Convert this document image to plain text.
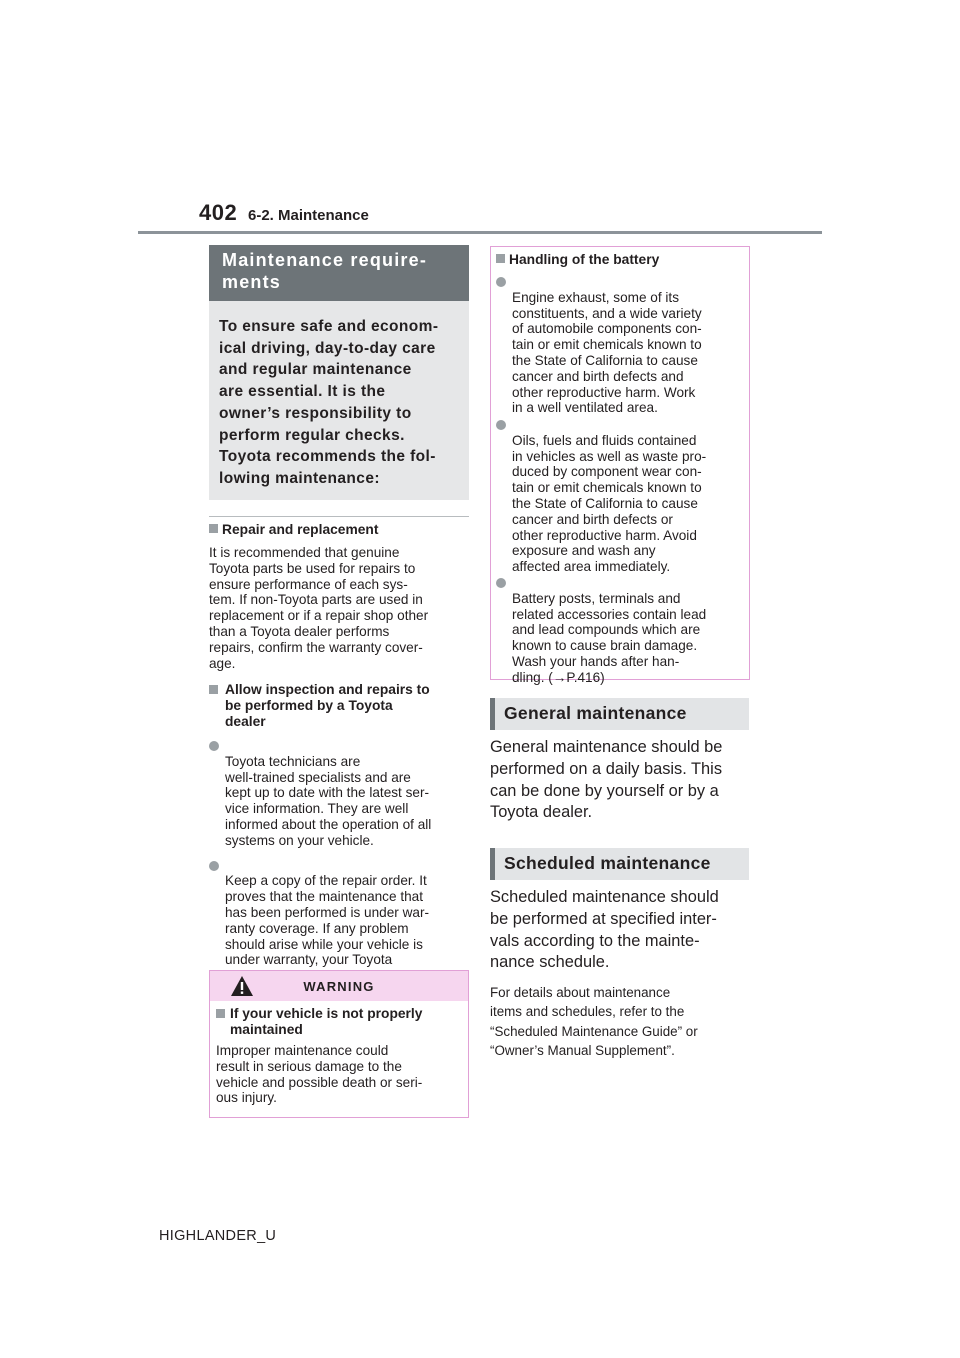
402 6-2. Maintenance
Maintenance require-
ments
To ensure safe and econom-
ical driving, day-to-day care
and regular maintenance
are essential. It is the
owner’s responsibility to
perform regular checks.
Toyota recommends the fol-
lowing maintenance:
Repair and replacement
It is recommended that genuine
Toyota parts be used for repairs to
ensure performance of each sys-
tem. If non-Toyota parts are used in
replacement or if a repair shop other
than a Toyota dealer performs
repairs, confirm the warranty cover-
age.
Allow inspection and repairs to
be performed by a Toyota
dealer

Toyota technicians are
well-trained specialists and are
kept up to date with the latest ser-
vice information. They are well
informed about the operation of all
systems on your vehicle.

Keep a copy of the repair order. It
proves that the maintenance that
has been performed is under war-
ranty coverage. If any problem
should arise while your vehicle is
under warranty, your Toyota

WARNING
If your vehicle is not properly
maintained
Improper maintenance could
result in serious damage to the
vehicle and possible death or seri-
ous injury.
Handling of the battery

Engine exhaust, some of its
constituents, and a wide variety
of automobile components con-
tain or emit chemicals known to
the State of California to cause
cancer and birth defects and
other reproductive harm. Work
in a well ventilated area.

Oils, fuels and fluids contained
in vehicles as well as waste pro-
duced by component wear con-
tain or emit chemicals known to
the State of California to cause
cancer and birth defects or
other reproductive harm. Avoid
exposure and wash any
affected area immediately.

Battery posts, terminals and
related accessories contain lead
and lead compounds which are
known to cause brain damage.
Wash your hands after han-
dling. (→P.416)

General maintenance
General maintenance should be
performed on a daily basis. This
can be done by yourself or by a
Toyota dealer.
Scheduled maintenance
Scheduled maintenance should
be performed at specified inter-
vals according to the mainte-
nance schedule.
For details about maintenance
items and schedules, refer to the
“Scheduled Maintenance Guide” or
“Owner’s Manual Supplement”.
HIGHLANDER_U
